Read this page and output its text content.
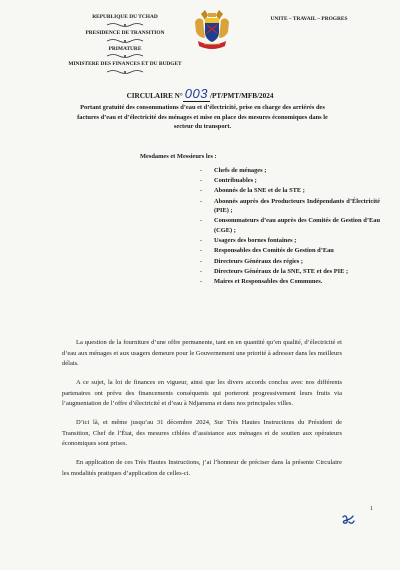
REPUBLIQUE DU TCHAD
PRESIDENCE DE TRANSITION
PRIMATURE
MINISTERE DES FINANCES ET DU BUDGET
UNITE – TRAVAIL – PROGRES
CIRCULAIRE N° 003 /PT/PMT/MFB/2024
Portant gratuité des consommations d’eau et d’électricité, prise en charge des arriérés des factures d’eau et d’électricité des ménages et mise en place des mesures économiques dans le secteur du transport.
Mesdames et Messieurs les :
- Chefs de ménages ;
- Contribuables ;
- Abonnés de la SNE et de la STE ;
- Abonnés auprès des Producteurs Indépendants d’Électricité (PIE) ;
- Consommateurs d’eau auprès des Comités de Gestion d’Eau (CGE) ;
- Usagers des bornes fontaines ;
- Responsables des Comités de Gestion d’Eau
- Directeurs Généraux des régies ;
- Directeurs Généraux de la SNE, STE et des PIE ;
- Maires et Responsables des Communes.

La question de la fourniture d’une offre permanente, tant en en quantité qu’en qualité, d’électricité et d’eau aux ménages et aux usagers demeure pour le Gouvernement une priorité à adresser dans les meilleurs délais.

A ce sujet, la loi de finances en vigueur, ainsi que les divers accords conclus avec nos différents partenaires ont prévu des financements conséquents qui porteront progressivement leurs fruits via l’augmentation de l’offre d’électricité et d’eau à Ndjamena et dans nos principales villes.

D’ici là, et même jusqu’au 31 décembre 2024, Sur Très Hautes Instructions du Président de Transition, Chef de l’État, des mesures ciblées d’assistance aux ménages et de soutien aux opérateurs économiques sont prises.

En application de ces Très Hautes Instructions, j’ai l’honneur de préciser dans la présente Circulaire les modalités pratiques d’application de celles-ci.

1
